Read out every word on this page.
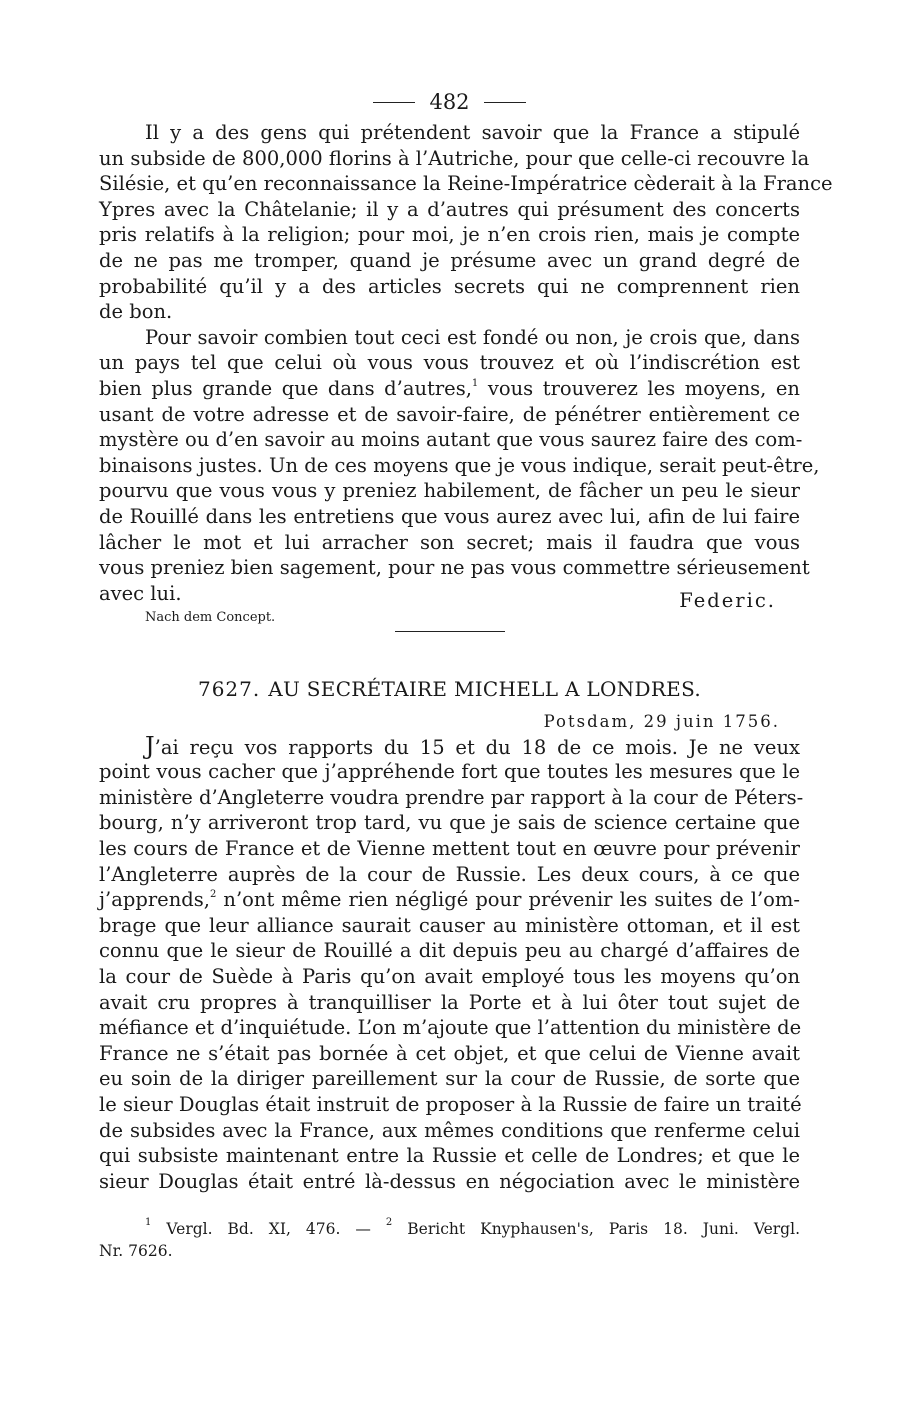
482
Il y a des gens qui prétendent savoir que la France a stipulé
un subside de 800,000 florins à l’Autriche, pour que celle-ci recouvre la
Silésie, et qu’en reconnaissance la Reine-Impératrice cèderait à la France
Ypres avec la Châtelanie; il y a d’autres qui présument des concerts
pris relatifs à la religion; pour moi, je n’en crois rien, mais je compte
de ne pas me tromper, quand je présume avec un grand degré de
probabilité qu’il y a des articles secrets qui ne comprennent rien
de bon.
Pour savoir combien tout ceci est fondé ou non, je crois que, dans
un pays tel que celui où vous vous trouvez et où l’indiscrétion est
bien plus grande que dans d’autres,$^1$ vous trouverez les moyens, en
usant de votre adresse et de savoir-faire, de pénétrer entièrement ce
mystère ou d’en savoir au moins autant que vous saurez faire des com-
binaisons justes. Un de ces moyens que je vous indique, serait peut-être,
pourvu que vous vous y preniez habilement, de fâcher un peu le sieur
de Rouillé dans les entretiens que vous aurez avec lui, afin de lui faire
lâcher le mot et lui arracher son secret; mais il faudra que vous
vous preniez bien sagement, pour ne pas vous commettre sérieusement
avec lui.	Federic.
Nach dem Concept.
7627. AU SECRÉTAIRE MICHELL A LONDRES.
Potsdam, 29 juin 1756.
J’ai reçu vos rapports du 15 et du 18 de ce mois. Je ne veux
point vous cacher que j’appréhende fort que toutes les mesures que le
ministère d’Angleterre voudra prendre par rapport à la cour de Péters-
bourg, n’y arriveront trop tard, vu que je sais de science certaine que
les cours de France et de Vienne mettent tout en œuvre pour prévenir
l’Angleterre auprès de la cour de Russie. Les deux cours, à ce que
j’apprends,$^2$ n’ont même rien négligé pour prévenir les suites de l’om-
brage que leur alliance saurait causer au ministère ottoman, et il est
connu que le sieur de Rouillé a dit depuis peu au chargé d’affaires de
la cour de Suède à Paris qu’on avait employé tous les moyens qu’on
avait cru propres à tranquilliser la Porte et à lui ôter tout sujet de
méfiance et d’inquiétude. L’on m’ajoute que l’attention du ministère de
France ne s’était pas bornée à cet objet, et que celui de Vienne avait
eu soin de la diriger pareillement sur la cour de Russie, de sorte que
le sieur Douglas était instruit de proposer à la Russie de faire un traité
de subsides avec la France, aux mêmes conditions que renferme celui
qui subsiste maintenant entre la Russie et celle de Londres; et que le
sieur Douglas était entré là-dessus en négociation avec le ministère
$^1$ Vergl. Bd. XI, 476. — $^2$ Bericht Knyphausen's, Paris 18. Juni. Vergl.
Nr. 7626.
